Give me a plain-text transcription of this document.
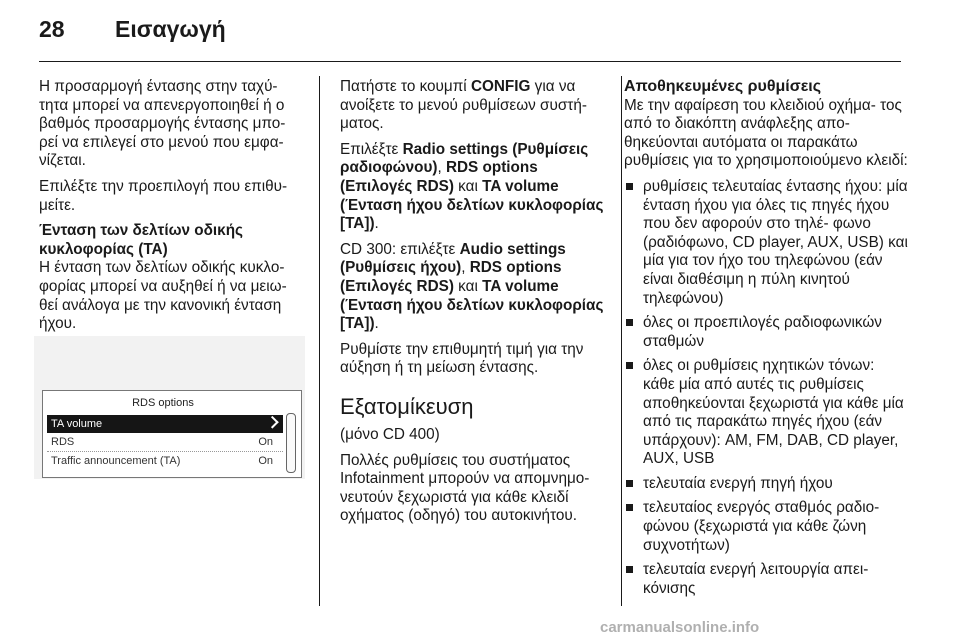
28 Εισαγωγή

Η προσαρμογή έντασης στην ταχύ‐ τητα μπορεί να απενεργοποιηθεί ή ο βαθμός προσαρμογής έντασης μπο‐ ρεί να επιλεγεί στο μενού που εμφα‐ νίζεται.

Επιλέξτε την προεπιλογή που επιθυ‐ μείτε.

Ένταση των δελτίων οδικής κυκλοφορίας (TA)

Η ένταση των δελτίων οδικής κυκλο‐ φορίας μπορεί να αυξηθεί ή να μειω‐ θεί ανάλογα με την κανονική ένταση ήχου.

RDS options
TA volume
RDS	On
Traffic announcement (TA)	On

Πατήστε το κουμπί CONFIG για να ανοίξετε το μενού ρυθμίσεων συστή‐ ματος.

Επιλέξτε Radio settings (Ρυθμίσεις ραδιοφώνου), RDS options (Επιλογές RDS) και TA volume (Ένταση ήχου δελτίων κυκλοφορίας [TA]).

CD 300: επιλέξτε Audio settings (Ρυθμίσεις ήχου), RDS options (Επιλογές RDS) και TA volume (Ένταση ήχου δελτίων κυκλοφορίας [TA]).

Ρυθμίστε την επιθυμητή τιμή για την αύξηση ή τη μείωση έντασης.

Εξατομίκευση

(μόνο CD 400)

Πολλές ρυθμίσεις του συστήματος Infotainment μπορούν να απομνημο‐ νευτούν ξεχωριστά για κάθε κλειδί οχήματος (οδηγό) του αυτοκινήτου.

Αποθηκευμένες ρυθμίσεις

Με την αφαίρεση του κλειδιού οχήμα‐ τος από το διακόπτη ανάφλεξης απο‐ θηκεύονται αυτόματα οι παρακάτω ρυθμίσεις για το χρησιμοποιούμενο κλειδί:

ρυθμίσεις τελευταίας έντασης ήχου: μία ένταση ήχου για όλες τις πηγές ήχου που δεν αφορούν στο τηλέ‐ φωνο (ραδιόφωνο, CD player, AUX, USB) και μία για τον ήχο του τηλεφώνου (εάν είναι διαθέσιμη η πύλη κινητού τηλεφώνου)
όλες οι προεπιλογές ραδιοφωνικών σταθμών
όλες οι ρυθμίσεις ηχητικών τόνων: κάθε μία από αυτές τις ρυθμίσεις αποθηκεύονται ξεχωριστά για κάθε μία από τις παρακάτω πηγές ήχου (εάν υπάρχουν): AM, FM, DAB, CD player, AUX, USB
τελευταία ενεργή πηγή ήχου
τελευταίος ενεργός σταθμός ραδιο‐ φώνου (ξεχωριστά για κάθε ζώνη συχνοτήτων)
τελευταία ενεργή λειτουργία απει‐ κόνισης
carmanualsonline.info
